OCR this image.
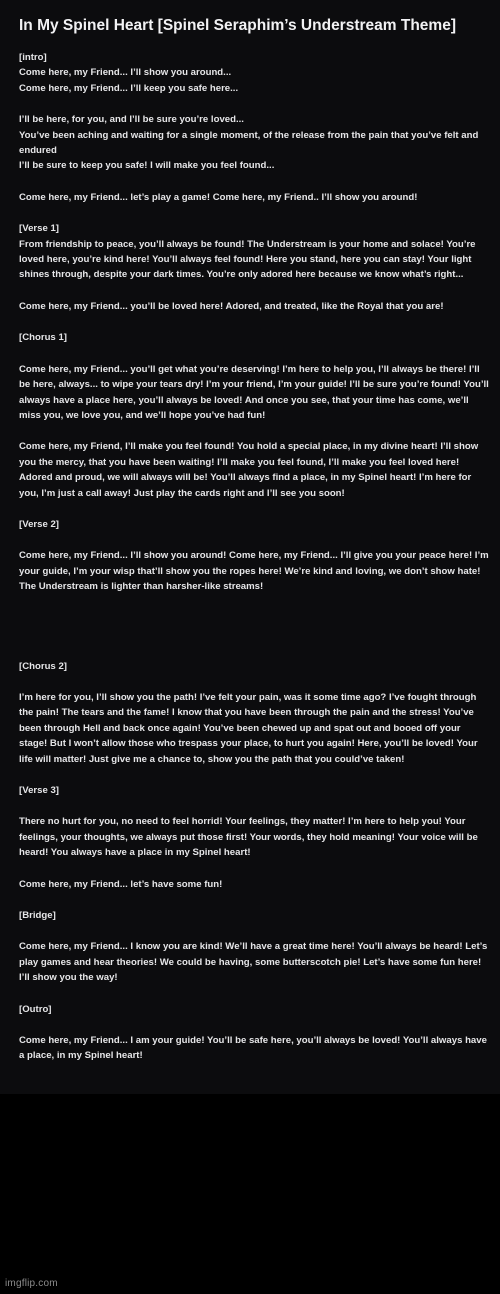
In My Spinel Heart [Spinel Seraphim’s Understream Theme]

[intro]
Come here, my Friend... I’ll show you around...
Come here, my Friend... I’ll keep you safe here...

I’ll be here, for you, and I’ll be sure you’re loved...
You’ve been aching and waiting for a single moment, of the release from the pain that you’ve felt and endured
I’ll be sure to keep you safe! I will make you feel found...

Come here, my Friend... let’s play a game! Come here, my Friend.. I’ll show you around!

[Verse 1]
From friendship to peace, you’ll always be found! The Understream is your home and solace! You’re loved here, you’re kind here! You’ll always feel found! Here you stand, here you can stay! Your light shines through, despite your dark times. You’re only adored here because we know what’s right...

Come here, my Friend... you’ll be loved here! Adored, and treated, like the Royal that you are!

[Chorus 1]

Come here, my Friend... you’ll get what you’re deserving! I’m here to help you, I’ll always be there! I’ll be here, always... to wipe your tears dry! I’m your friend, I’m your guide! I’ll be sure you’re found! You’ll always have a place here, you’ll always be loved! And once you see, that your time has come, we’ll miss you, we love you, and we’ll hope you’ve had fun!

Come here, my Friend, I’ll make you feel found! You hold a special place, in my divine heart! I’ll show you the mercy, that you have been waiting! I’ll make you feel found, I’ll make you feel loved here! Adored and proud, we will always will be! You’ll always find a place, in my Spinel heart! I’m here for you, I’m just a call away! Just play the cards right and I’ll see you soon!

[Verse 2]

Come here, my Friend... I’ll show you around! Come here, my Friend... I’ll give you your peace here! I’m your guide, I’m your wisp that’ll show you the ropes here! We’re kind and loving, we don’t show hate! The Understream is lighter than harsher-like streams!

[Chorus 2]

I’m here for you, I’ll show you the path! I’ve felt your pain, was it some time ago? I’ve fought through the pain! The tears and the fame! I know that you have been through the pain and the stress! You’ve been through Hell and back once again! You’ve been chewed up and spat out and booed off your stage! But I won’t allow those who trespass your place, to hurt you again! Here, you’ll be loved! Your life will matter! Just give me a chance to, show you the path that you could’ve taken!

[Verse 3]

There no hurt for you, no need to feel horrid! Your feelings, they matter! I’m here to help you! Your feelings, your thoughts, we always put those first! Your words, they hold meaning! Your voice will be heard! You always have a place in my Spinel heart!

Come here, my Friend... let’s have some fun!

[Bridge]

Come here, my Friend... I know you are kind! We’ll have a great time here! You’ll always be heard! Let’s play games and hear theories! We could be having, some butterscotch pie! Let’s have some fun here! I’ll show you the way!

[Outro]

Come here, my Friend... I am your guide! You’ll be safe here, you’ll always be loved! You’ll always have a place, in my Spinel heart!

imgflip.com
